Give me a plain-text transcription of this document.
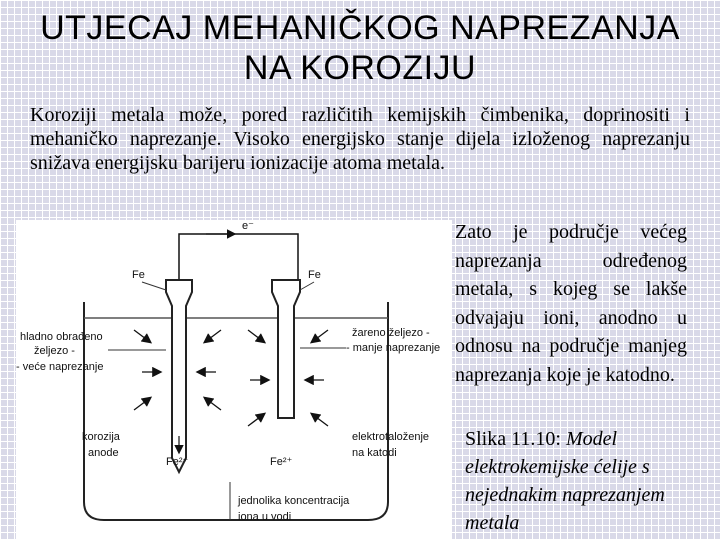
UTJECAJ MEHANIČKOG NAPREZANJA
NA KOROZIJU
Koroziji metala može, pored različitih kemijskih čimbenika, doprinositi i mehaničko naprezanje. Visoko energijsko stanje dijela izloženog naprezanju snižava energijsku barijeru ionizacije atoma metala.
Zato je područje većeg naprezanja određenog metala, s kojeg se lakše odvajaju ioni, anodno u odnosu na područje manjeg naprezanja koje je katodno.
Slika 11.10: Model elektrokemijske ćelije s nejednakim naprezanjem metala
e⁻
Fe	Fe
hladno obrađeno
željezo -
- veće naprezanje
žareno željezo -
- manje naprezanje
korozija
anode
elektrotaloženje
na katodi
Fe²⁺	Fe²⁺
jednolika koncentracija
iona u vodi
